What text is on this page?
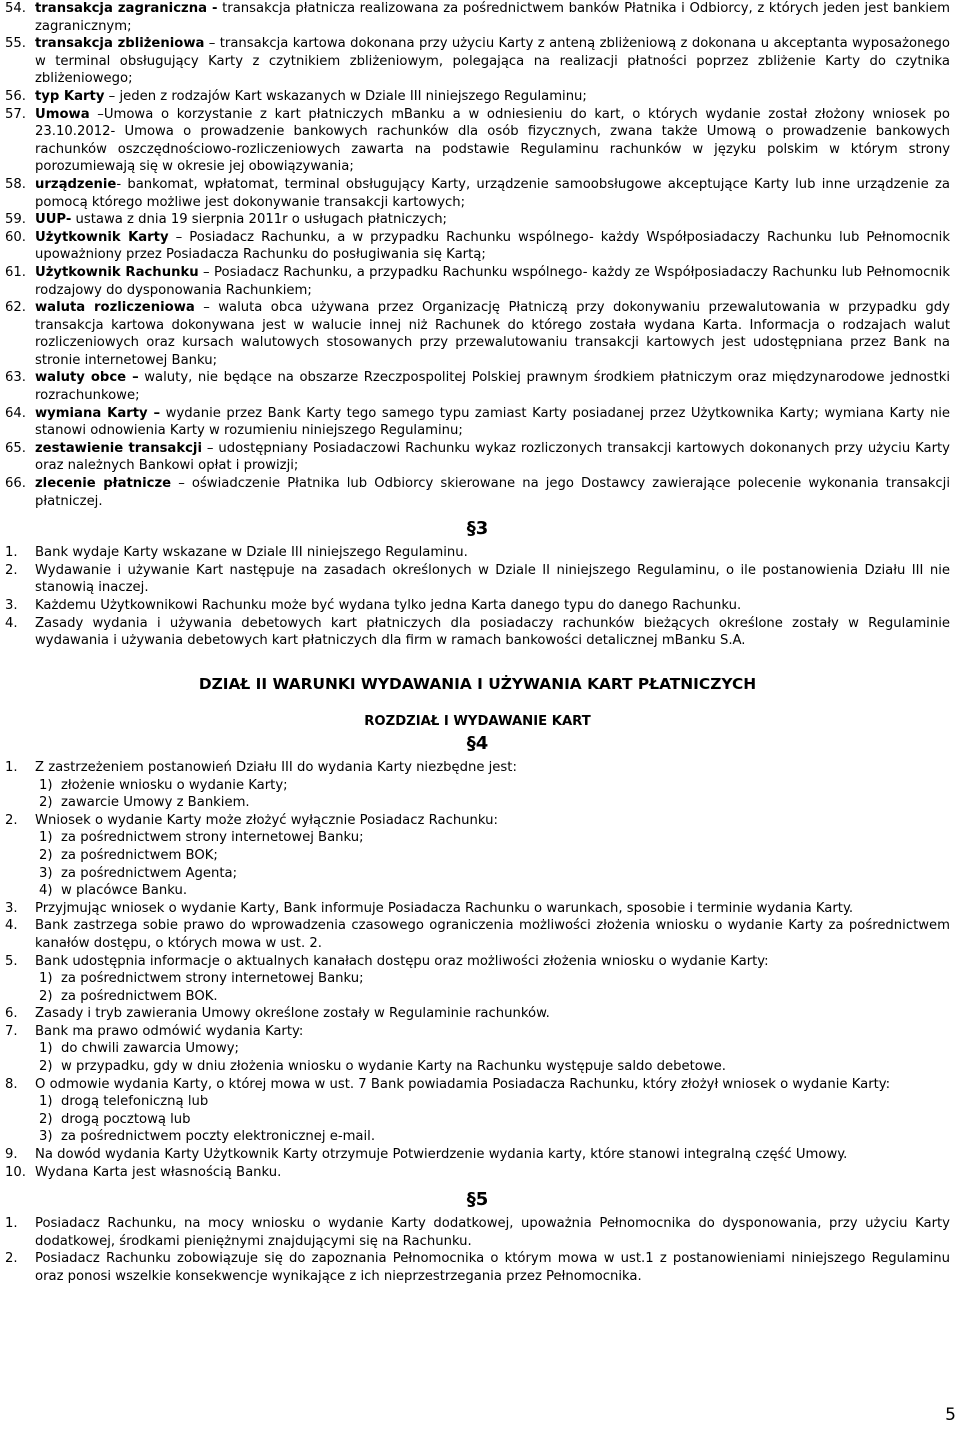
54. transakcja zagraniczna - transakcja płatnicza realizowana za pośrednictwem banków Płatnika i Odbiorcy, z których jeden jest bankiem zagranicznym;
55. transakcja zbliżeniowa – transakcja kartowa dokonana przy użyciu Karty z anteną zbliżeniową z dokonana u akceptanta wyposażonego w terminal obsługujący Karty z czytnikiem zbliżeniowym, polegająca na realizacji płatności poprzez zbliżenie Karty do czytnika zbliżeniowego;
56. typ Karty – jeden z rodzajów Kart wskazanych w Dziale III niniejszego Regulaminu;
57. Umowa –Umowa o korzystanie z kart płatniczych mBanku a w odniesieniu do kart, o których wydanie został złożony wniosek po 23.10.2012- Umowa o prowadzenie bankowych rachunków dla osób fizycznych, zwana także Umową o prowadzenie bankowych rachunków oszczędnościowo-rozliczeniowych zawarta na podstawie Regulaminu rachunków w języku polskim w którym strony porozumiewają się w okresie jej obowiązywania;
58. urządzenie- bankomat, wpłatomat, terminal obsługujący Karty, urządzenie samoobsługowe akceptujące Karty lub inne urządzenie za pomocą którego możliwe jest dokonywanie transakcji kartowych;
59. UUP- ustawa z dnia 19 sierpnia 2011r o usługach płatniczych;
60. Użytkownik Karty – Posiadacz Rachunku, a w przypadku Rachunku wspólnego- każdy Współposiadaczy Rachunku lub Pełnomocnik upoważniony przez Posiadacza Rachunku do posługiwania się Kartą;
61. Użytkownik Rachunku – Posiadacz Rachunku, a przypadku Rachunku wspólnego- każdy ze Współposiadaczy Rachunku lub Pełnomocnik rodzajowy do dysponowania Rachunkiem;
62. waluta rozliczeniowa – waluta obca używana przez Organizację Płatniczą przy dokonywaniu przewalutowania w przypadku gdy transakcja kartowa dokonywana jest w walucie innej niż Rachunek do którego została wydana Karta. Informacja o rodzajach walut rozliczeniowych oraz kursach walutowych stosowanych przy przewalutowaniu transakcji kartowych jest udostępniana przez Bank na stronie internetowej Banku;
63. waluty obce – waluty, nie będące na obszarze Rzeczpospolitej Polskiej prawnym środkiem płatniczym oraz międzynarodowe jednostki rozrachunkowe;
64. wymiana Karty – wydanie przez Bank Karty tego samego typu zamiast Karty posiadanej przez Użytkownika Karty; wymiana Karty nie stanowi odnowienia Karty w rozumieniu niniejszego Regulaminu;
65. zestawienie transakcji – udostępniany Posiadaczowi Rachunku wykaz rozliczonych transakcji kartowych dokonanych przy użyciu Karty oraz należnych Bankowi opłat i prowizji;
66. zlecenie płatnicze – oświadczenie Płatnika lub Odbiorcy skierowane na jego Dostawcy zawierające polecenie wykonania transakcji płatniczej.
§3
1.	Bank wydaje Karty wskazane w Dziale III niniejszego Regulaminu.
2.	Wydawanie i używanie Kart następuje na zasadach określonych w Dziale II niniejszego Regulaminu, o ile postanowienia Działu III nie stanowią inaczej.
3.	Każdemu Użytkownikowi Rachunku może być wydana tylko jedna Karta danego typu do danego Rachunku.
4.	Zasady wydania i używania debetowych kart płatniczych dla posiadaczy rachunków bieżących określone zostały w Regulaminie wydawania i używania debetowych kart płatniczych dla firm w ramach bankowości detalicznej mBanku S.A.
DZIAŁ II WARUNKI WYDAWANIA I UŻYWANIA KART PŁATNICZYCH
ROZDZIAŁ I WYDAWANIE KART
§4
1.	Z zastrzeżeniem postanowień Działu III do wydania Karty niezbędne jest:
1) złożenie wniosku o wydanie Karty;
2) zawarcie Umowy z Bankiem.
2.	Wniosek o wydanie Karty może złożyć wyłącznie Posiadacz Rachunku:
1) za pośrednictwem strony internetowej Banku;
2) za pośrednictwem BOK;
3) za pośrednictwem Agenta;
4) w placówce Banku.
3.	Przyjmując wniosek o wydanie Karty, Bank informuje Posiadacza Rachunku o warunkach, sposobie i terminie wydania Karty.
4.	Bank zastrzega sobie prawo do wprowadzenia czasowego ograniczenia możliwości złożenia wniosku o wydanie Karty za pośrednictwem kanałów dostępu, o których mowa w ust. 2.
5.	Bank udostępnia informacje o aktualnych kanałach dostępu oraz możliwości złożenia wniosku o wydanie Karty:
1) za pośrednictwem strony internetowej Banku;
2) za pośrednictwem BOK.
6.	Zasady i tryb zawierania Umowy określone zostały w Regulaminie rachunków.
7.	Bank ma prawo odmówić wydania Karty:
1) do chwili zawarcia Umowy;
2) w przypadku, gdy w dniu złożenia wniosku o wydanie Karty na Rachunku występuje saldo debetowe.
8.	O odmowie wydania Karty, o której mowa w ust. 7 Bank powiadamia Posiadacza Rachunku, który złożył wniosek o wydanie Karty:
1) drogą telefoniczną lub
2) drogą pocztową lub
3) za pośrednictwem poczty elektronicznej e-mail.
9.	Na dowód wydania Karty Użytkownik Karty otrzymuje Potwierdzenie wydania karty, które stanowi integralną część Umowy.
10. Wydana Karta jest własnością Banku.
§5
1.	Posiadacz Rachunku, na mocy wniosku o wydanie Karty dodatkowej, upoważnia Pełnomocnika do dysponowania, przy użyciu Karty dodatkowej, środkami pieniężnymi znajdującymi się na Rachunku.
2.	Posiadacz Rachunku zobowiązuje się do zapoznania Pełnomocnika o którym mowa w ust.1 z postanowieniami niniejszego Regulaminu oraz ponosi wszelkie konsekwencje wynikające z ich nieprzestrzegania przez Pełnomocnika.
5
